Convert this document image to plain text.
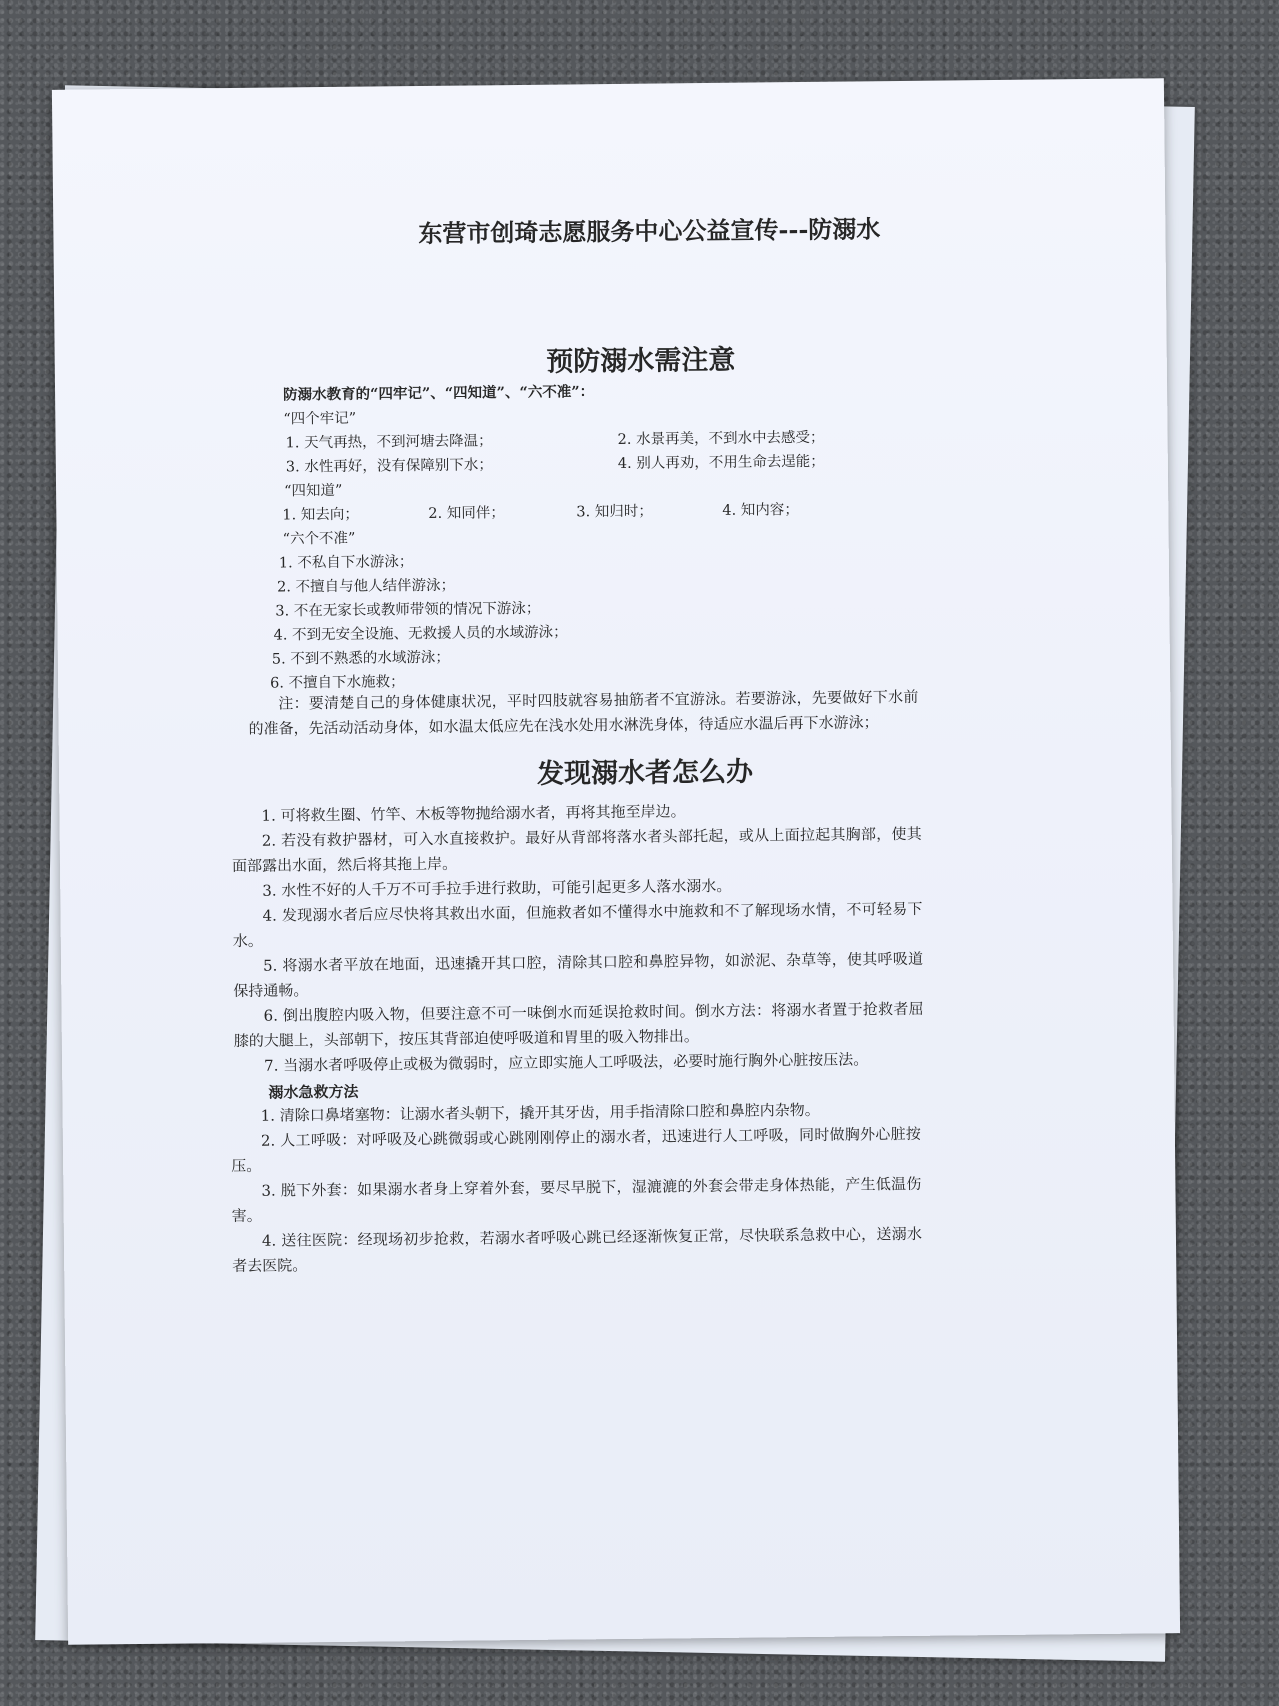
东营市创琦志愿服务中心公益宣传---防溺水
预防溺水需注意
防溺水教育的“四牢记”、“四知道”、“六不准”：
“四个牢记”
1. 天气再热，不到河塘去降温；	2. 水景再美，不到水中去感受；
3. 水性再好，没有保障别下水；	4. 别人再劝，不用生命去逞能；
“四知道”
1. 知去向；	2. 知同伴；	3. 知归时；	4. 知内容；
“六个不准”
1. 不私自下水游泳；
2. 不擅自与他人结伴游泳；
3. 不在无家长或教师带领的情况下游泳；
4. 不到无安全设施、无救援人员的水域游泳；
5. 不到不熟悉的水域游泳；
6. 不擅自下水施救；
注：要清楚自己的身体健康状况，平时四肢就容易抽筋者不宜游泳。若要游泳，先要做好下水前的准备，先活动活动身体，如水温太低应先在浅水处用水淋洗身体，待适应水温后再下水游泳；
发现溺水者怎么办
1. 可将救生圈、竹竿、木板等物抛给溺水者，再将其拖至岸边。
2. 若没有救护器材，可入水直接救护。最好从背部将落水者头部托起，或从上面拉起其胸部，使其面部露出水面，然后将其拖上岸。
3. 水性不好的人千万不可手拉手进行救助，可能引起更多人落水溺水。
4. 发现溺水者后应尽快将其救出水面，但施救者如不懂得水中施救和不了解现场水情，不可轻易下水。
5. 将溺水者平放在地面，迅速撬开其口腔，清除其口腔和鼻腔异物，如淤泥、杂草等，使其呼吸道保持通畅。
6. 倒出腹腔内吸入物，但要注意不可一味倒水而延误抢救时间。倒水方法：将溺水者置于抢救者屈膝的大腿上，头部朝下，按压其背部迫使呼吸道和胃里的吸入物排出。
7. 当溺水者呼吸停止或极为微弱时，应立即实施人工呼吸法，必要时施行胸外心脏按压法。
溺水急救方法
1. 清除口鼻堵塞物：让溺水者头朝下，撬开其牙齿，用手指清除口腔和鼻腔内杂物。
2. 人工呼吸：对呼吸及心跳微弱或心跳刚刚停止的溺水者，迅速进行人工呼吸，同时做胸外心脏按压。
3. 脱下外套：如果溺水者身上穿着外套，要尽早脱下，湿漉漉的外套会带走身体热能，产生低温伤害。
4. 送往医院：经现场初步抢救，若溺水者呼吸心跳已经逐渐恢复正常，尽快联系急救中心，送溺水者去医院。
